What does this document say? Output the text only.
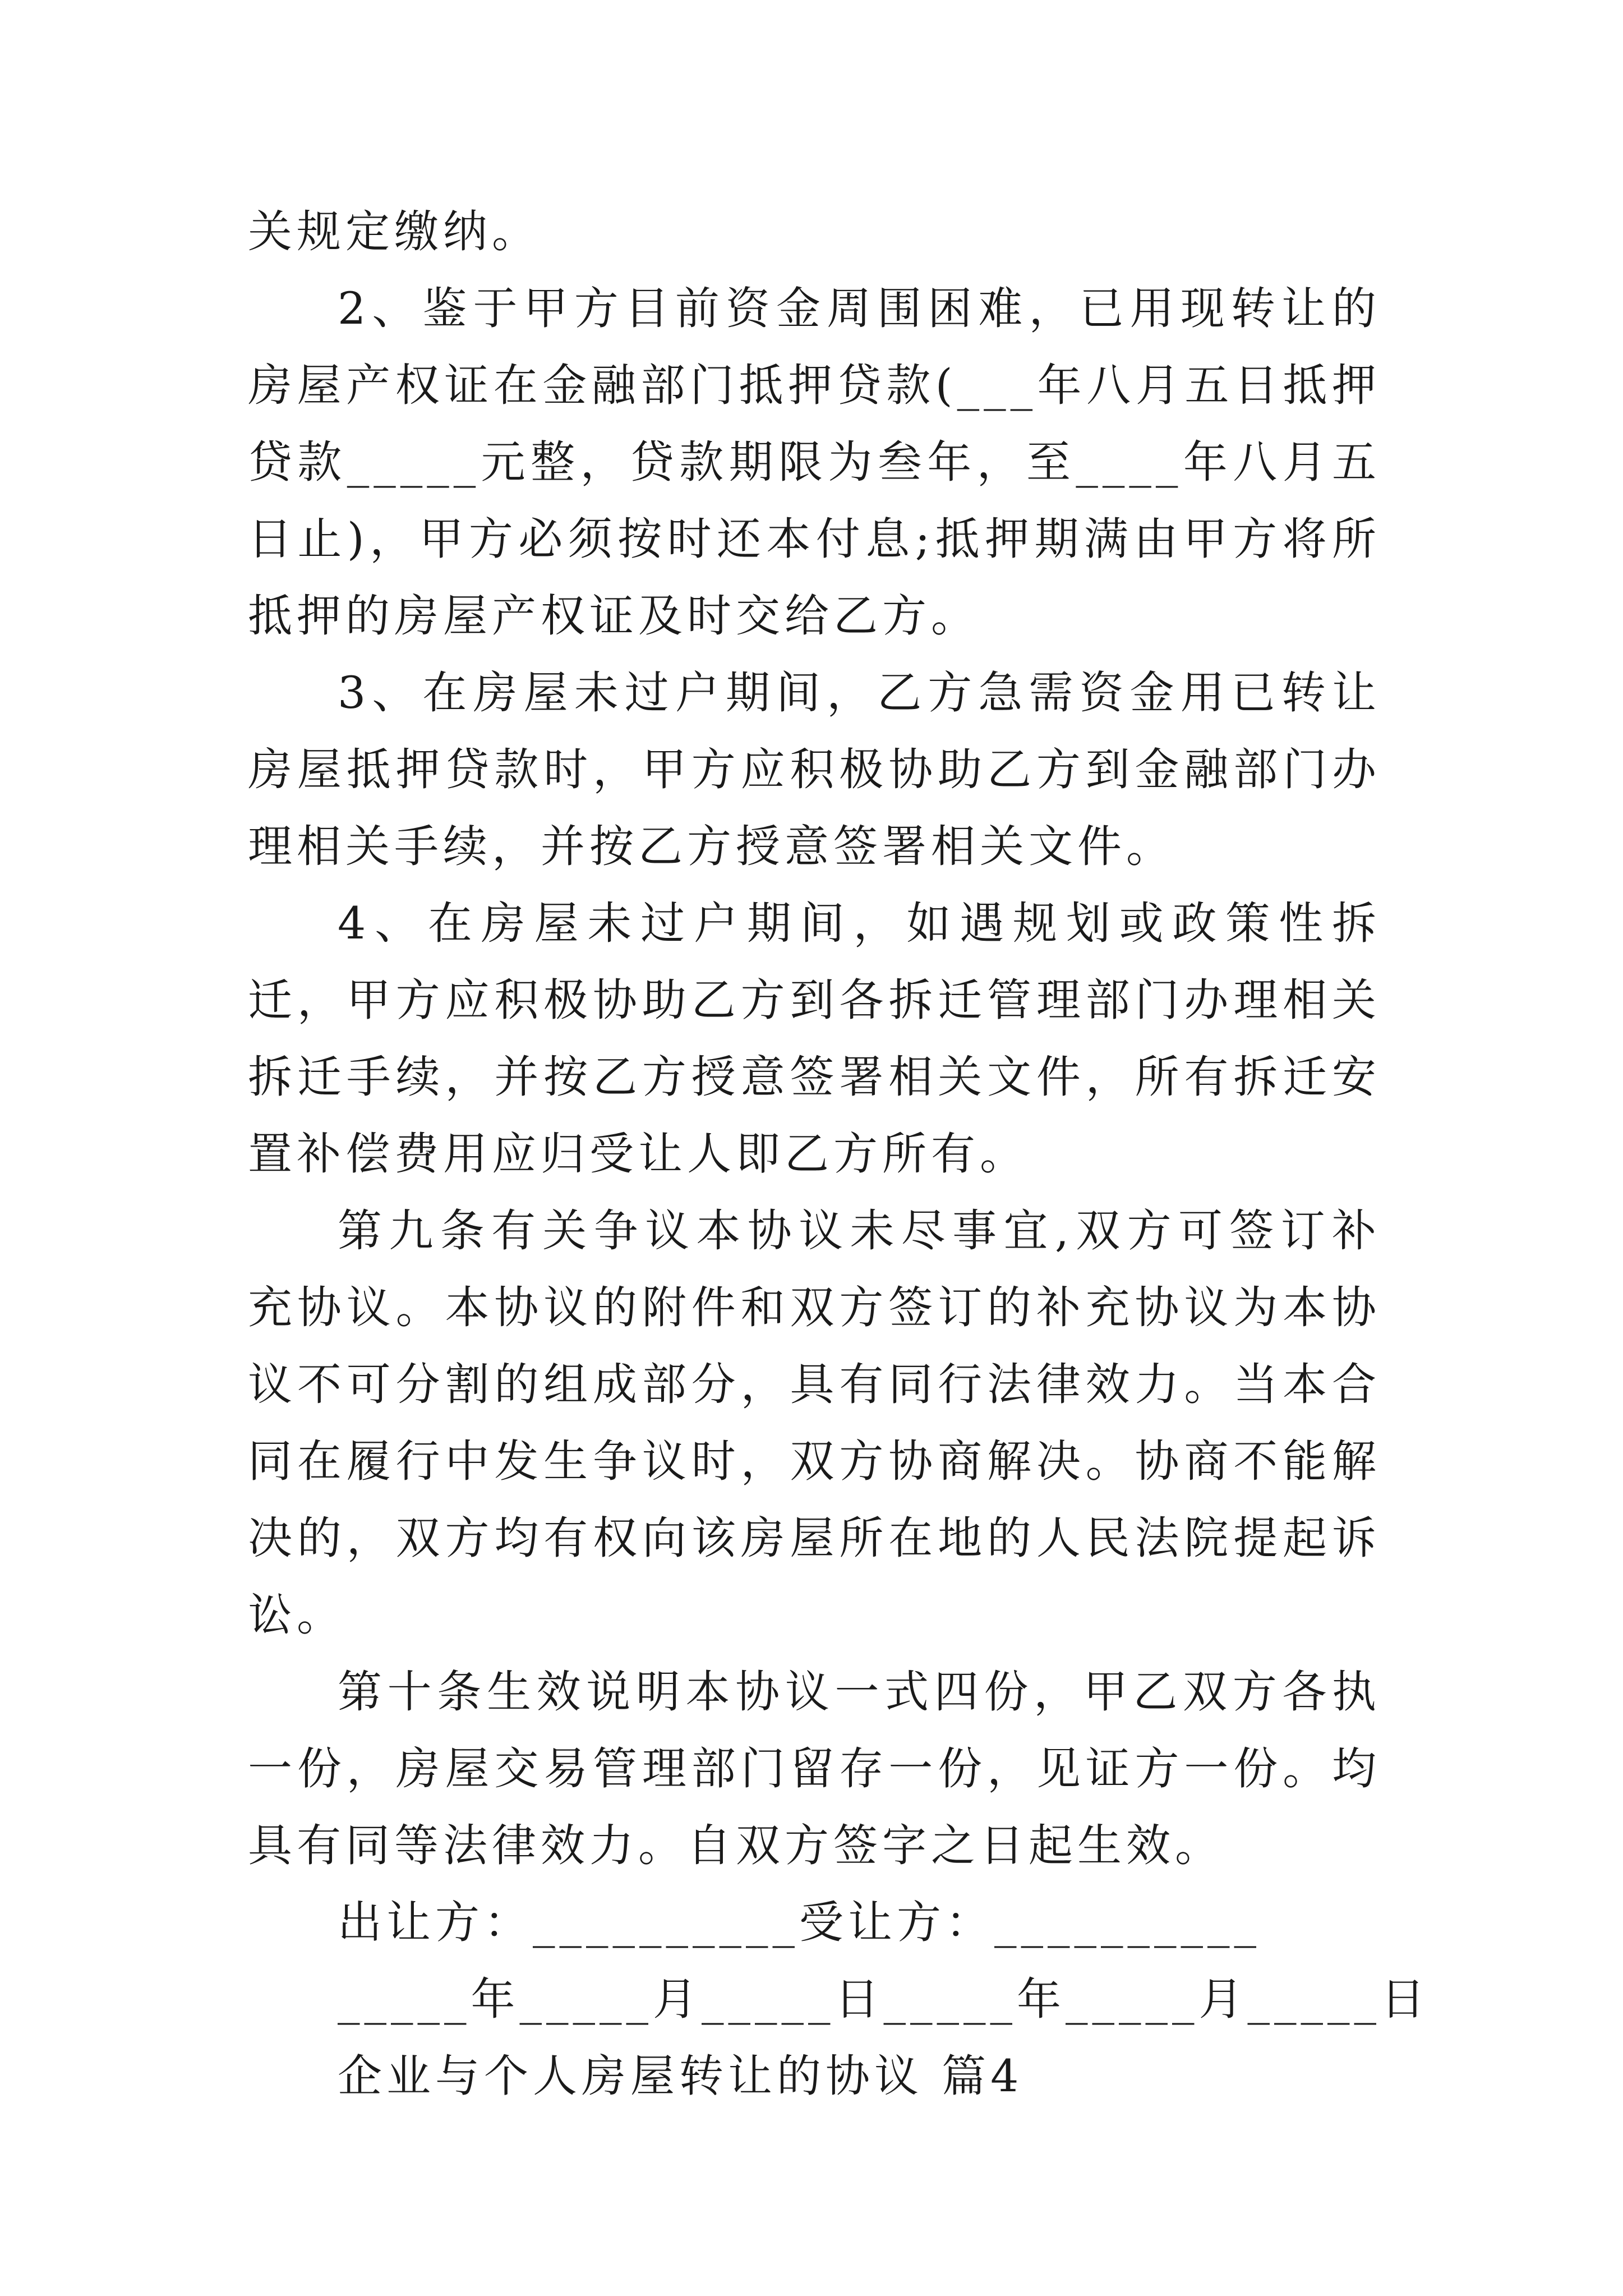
关规定缴纳。

2、鉴于甲方目前资金周围困难，已用现转让的房屋产权证在金融部门抵押贷款(___年八月五日抵押贷款_____元整，贷款期限为叁年，至____年八月五日止)，甲方必须按时还本付息;抵押期满由甲方将所抵押的房屋产权证及时交给乙方。

3、在房屋未过户期间，乙方急需资金用已转让房屋抵押贷款时，甲方应积极协助乙方到金融部门办理相关手续，并按乙方授意签署相关文件。

4、在房屋未过户期间，如遇规划或政策性拆迁，甲方应积极协助乙方到各拆迁管理部门办理相关拆迁手续，并按乙方授意签署相关文件，所有拆迁安置补偿费用应归受让人即乙方所有。

第九条有关争议本协议未尽事宜,双方可签订补充协议。本协议的附件和双方签订的补充协议为本协议不可分割的组成部分，具有同行法律效力。当本合同在履行中发生争议时，双方协商解决。协商不能解决的，双方均有权向该房屋所在地的人民法院提起诉讼。

第十条生效说明本协议一式四份，甲乙双方各执一份，房屋交易管理部门留存一份，见证方一份。均具有同等法律效力。自双方签字之日起生效。

出让方：__________受让方：__________

_____年_____月_____日_____年_____月_____日

企业与个人房屋转让的协议 篇4
